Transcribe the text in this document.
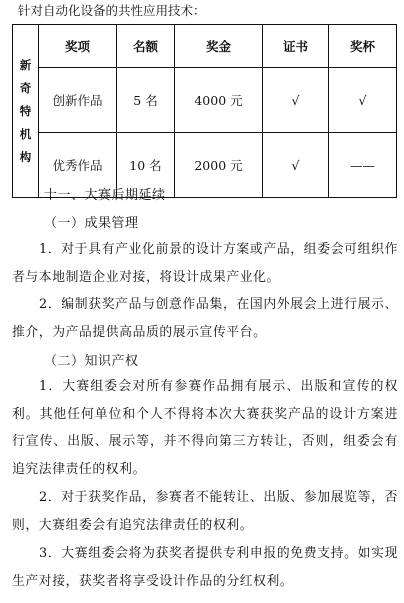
针对自动化设备的共性应用技术：
新
奇
特
机
构	奖项	名额	奖金	证书	奖杯
	创新作品	5 名	4000 元	√	√
	优秀作品	10 名	2000 元	√	——
十一、大赛后期延续
（一）成果管理
1．对于具有产业化前景的设计方案或产品，组委会可组织作者与本地制造企业对接，将设计成果产业化。
2．编制获奖产品与创意作品集，在国内外展会上进行展示、推介，为产品提供高品质的展示宣传平台。
（二）知识产权
1．大赛组委会对所有参赛作品拥有展示、出版和宣传的权利。其他任何单位和个人不得将本次大赛获奖产品的设计方案进行宣传、出版、展示等，并不得向第三方转让，否则，组委会有追究法律责任的权利。
2．对于获奖作品，参赛者不能转让、出版、参加展览等，否则，大赛组委会有追究法律责任的权利。
3．大赛组委会将为获奖者提供专利申报的免费支持。如实现生产对接，获奖者将享受设计作品的分红权利。
